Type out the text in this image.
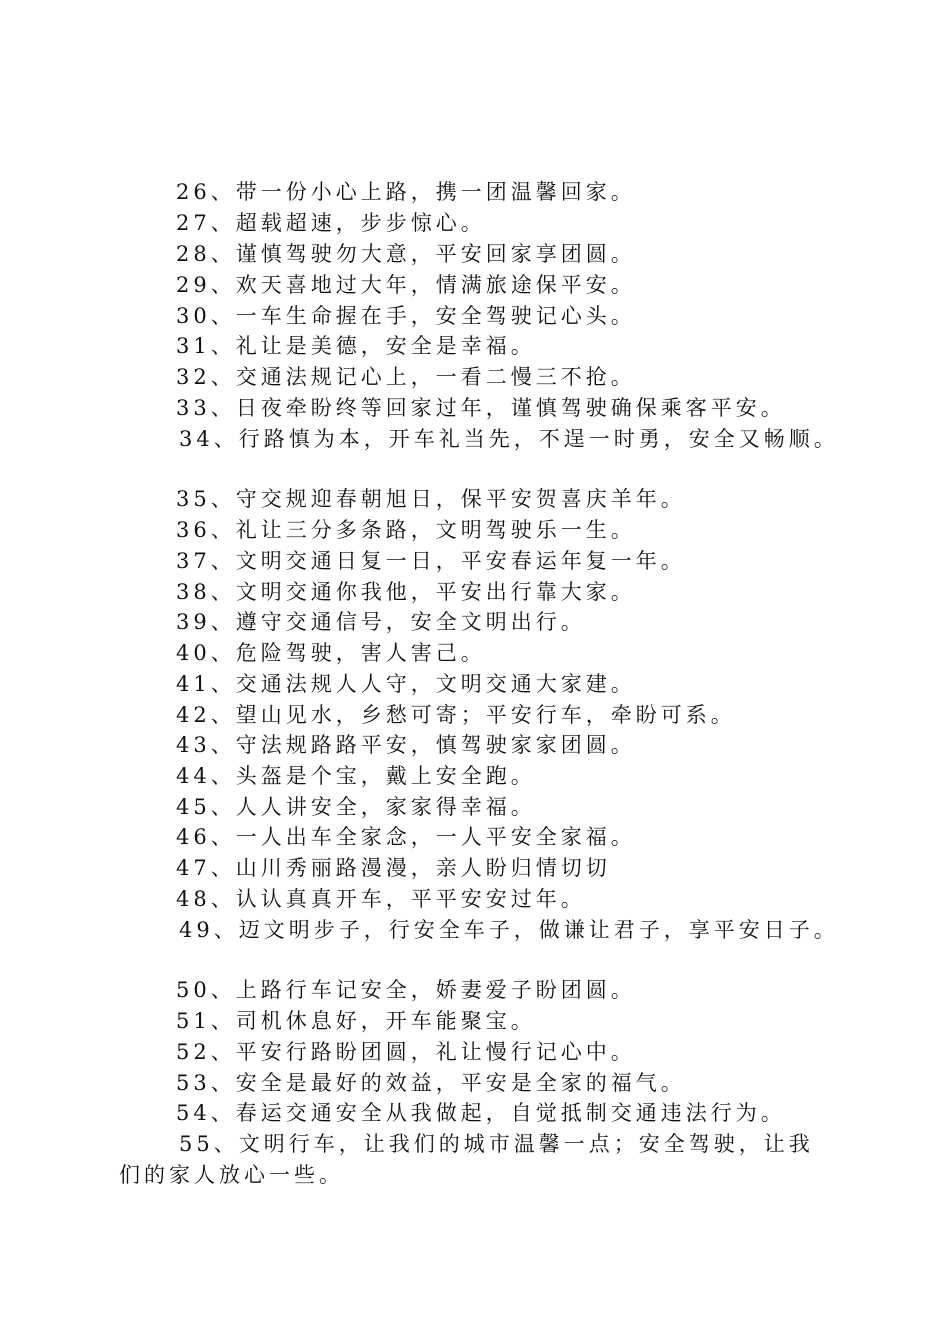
26、带一份小心上路，携一团温馨回家。

27、超载超速，步步惊心。

28、谨慎驾驶勿大意，平安回家享团圆。

29、欢天喜地过大年，情满旅途保平安。

30、一车生命握在手，安全驾驶记心头。

31、礼让是美德，安全是幸福。

32、交通法规记心上，一看二慢三不抢。

33、日夜牵盼终等回家过年，谨慎驾驶确保乘客平安。

34、行路慎为本，开车礼当先，不逞一时勇，安全又畅顺。

35、守交规迎春朝旭日，保平安贺喜庆羊年。

36、礼让三分多条路，文明驾驶乐一生。

37、文明交通日复一日，平安春运年复一年。

38、文明交通你我他，平安出行靠大家。

39、遵守交通信号，安全文明出行。

40、危险驾驶，害人害己。

41、交通法规人人守，文明交通大家建。

42、望山见水，乡愁可寄；平安行车，牵盼可系。

43、守法规路路平安，慎驾驶家家团圆。

44、头盔是个宝，戴上安全跑。

45、人人讲安全，家家得幸福。

46、一人出车全家念，一人平安全家福。

47、山川秀丽路漫漫，亲人盼归情切切

48、认认真真开车，平平安安过年。

49、迈文明步子，行安全车子，做谦让君子，享平安日子。

50、上路行车记安全，娇妻爱子盼团圆。

51、司机休息好，开车能聚宝。

52、平安行路盼团圆，礼让慢行记心中。

53、安全是最好的效益，平安是全家的福气。

54、春运交通安全从我做起，自觉抵制交通违法行为。

55、文明行车，让我们的城市温馨一点；安全驾驶，让我

们的家人放心一些。
